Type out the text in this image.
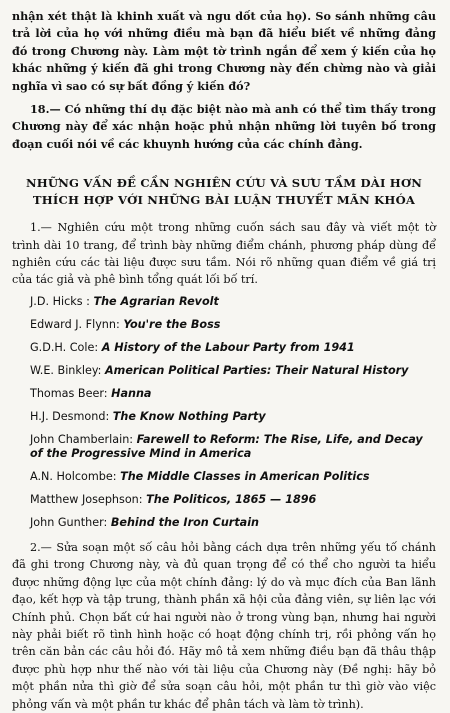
nhận xét thật là khinh xuất và ngu dốt của họ). So sánh những câu trả lời của họ với những điều mà bạn đã hiểu biết về những đảng đó trong Chương này. Làm một tờ trình ngắn để xem ý kiến của họ khác những ý kiến đã ghi trong Chương này đến chừng nào và giải nghĩa vì sao có sự bất đồng ý kiến đó?

18.— Có những thí dụ đặc biệt nào mà anh có thể tìm thấy trong Chương này để xác nhận hoặc phủ nhận những lời tuyên bố trong đoạn cuối nói về các khuynh hướng của các chính đảng.

NHỮNG VẤN ĐỀ CẦN NGHIÊN CỨU VÀ SƯU TẦM DÀI HƠN
THÍCH HỢP VỚI NHỮNG BÀI LUẬN THUYẾT MÃN KHÓA

1.— Nghiên cứu một trong những cuốn sách sau đây và viết một tờ trình dài 10 trang, để trình bày những điểm chánh, phương pháp dùng để nghiên cứu các tài liệu được sưu tầm. Nói rõ những quan điểm về giá trị của tác giả và phê bình tổng quát lối bố trí.

J.D. Hicks : The Agrarian Revolt
Edward J. Flynn: You're the Boss
G.D.H. Cole: A History of the Labour Party from 1941
W.E. Binkley: American Political Parties: Their Natural History
Thomas Beer: Hanna
H.J. Desmond: The Know Nothing Party
John Chamberlain: Farewell to Reform: The Rise, Life, and Decay of the Progressive Mind in America
A.N. Holcombe: The Middle Classes in American Politics
Matthew Josephson: The Politicos, 1865 — 1896
John Gunther: Behind the Iron Curtain

2.— Sửa soạn một số câu hỏi bằng cách dựa trên những yếu tố chánh đã ghi trong Chương này, và đủ quan trọng để có thể cho người ta hiểu được những động lực của một chính đảng: lý do và mục đích của Ban lãnh đạo, kết hợp và tập trung, thành phần xã hội của đảng viên, sự liên lạc với Chính phủ. Chọn bất cứ hai người nào ở trong vùng bạn, nhưng hai người này phải biết rõ tình hình hoặc có hoạt động chính trị, rồi phỏng vấn họ trên căn bản các câu hỏi đó. Hãy mô tả xem những điều bạn đã thâu thập được phù hợp như thế nào với tài liệu của Chương này (Đề nghị: hãy bỏ một phần nửa thì giờ để sửa soạn câu hỏi, một phần tư thì giờ vào việc phỏng vấn và một phần tư khác để phân tách và làm tờ trình).
